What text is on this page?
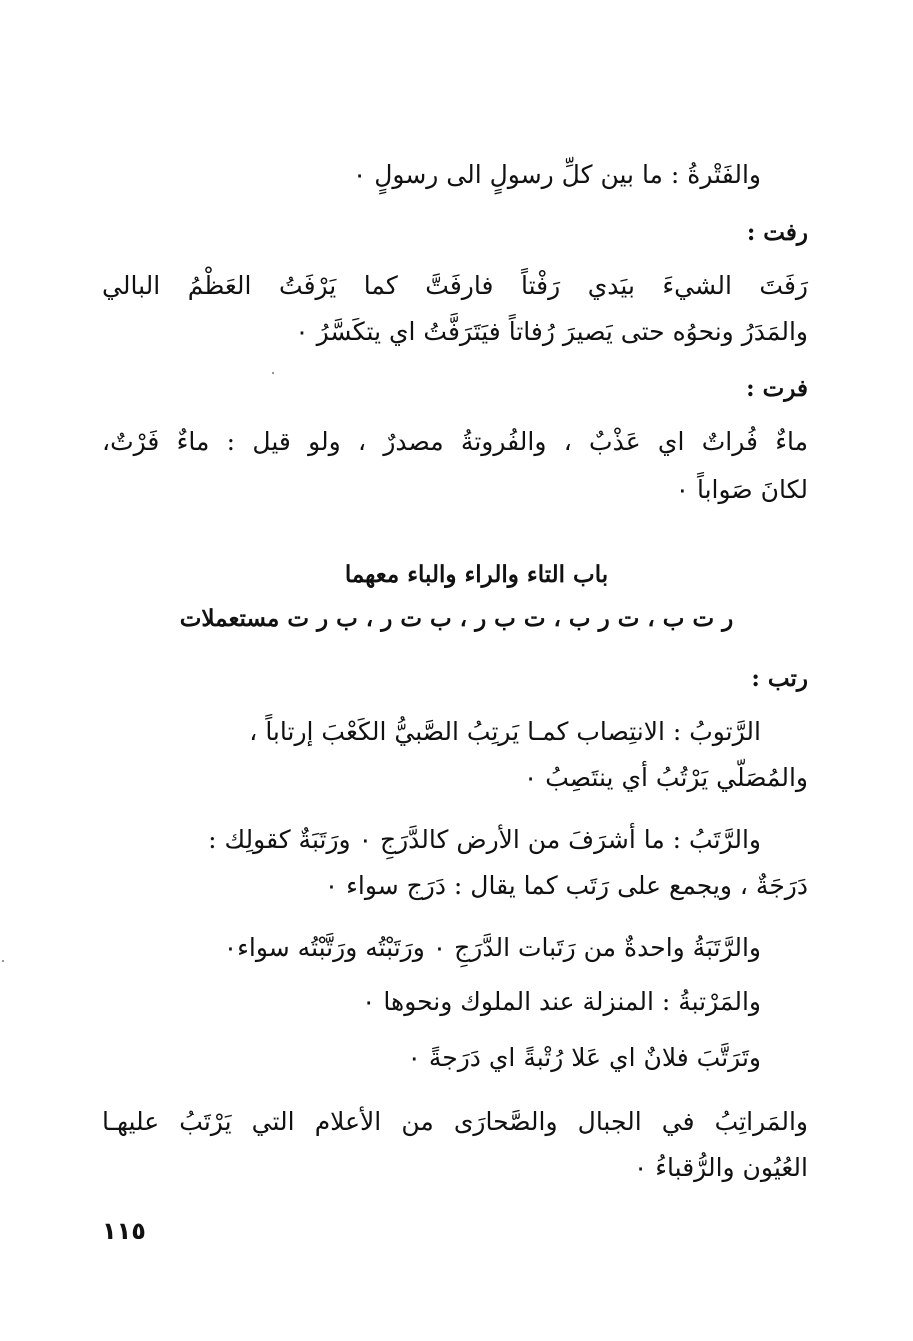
والفَتْرةُ : ما بين كلِّ رسولٍ الى رسولٍ ٠
رفت :
رَفَتَ الشيءَ بيَدي رَفْتاً فارفَتَّ كما يَرْفَتُ العَظْمُ البالي
والمَدَرُ ونحوُه حتى يَصيرَ رُفاتاً فيَتَرَفَّتُ اي يتكَسَّرُ ٠
فرت :
ماءٌ فُراتٌ اي عَذْبٌ ، والفُروتةُ مصدرٌ ، ولو قيل : ماءٌ فَرْتٌ،
لكانَ صَواباً ٠
باب التاء والراء والباء معهما
ر ت ب ، ت ر ب ، ت ب ر ، ب ت ر ، ب ر ت مستعملات
رتب :
الرَّتوبُ : الانتِصاب كمـا يَرتِبُ الصَّبيُّ الكَعْبَ إرتاباً ،
والمُصَلّي يَرْتُبُ أي ينتَصِبُ ٠
والرَّتَبُ : ما أشرَفَ من الأرض كالدَّرَجِ ٠ ورَتَبَةٌ كقولِك :
دَرَجَةٌ ، ويجمع على رَتَب كما يقال : دَرَج سواء ٠
والرَّتَبَةُ واحدةٌ من رَتَبات الدَّرَجِ ٠ ورَتَبْتُه ورَتَّبْتُه سواء٠
والمَرْتبةُ : المنزلة عند الملوك ونحوها ٠
وتَرَتَّبَ فلانٌ اي عَلا رُتْبةً اي دَرَجةً ٠
والمَراتِبُ في الجبال والصَّحارَى من الأعلام التي يَرْتَبُ عليهـا
العُيُون والرُّقباءُ ٠
١١٥
